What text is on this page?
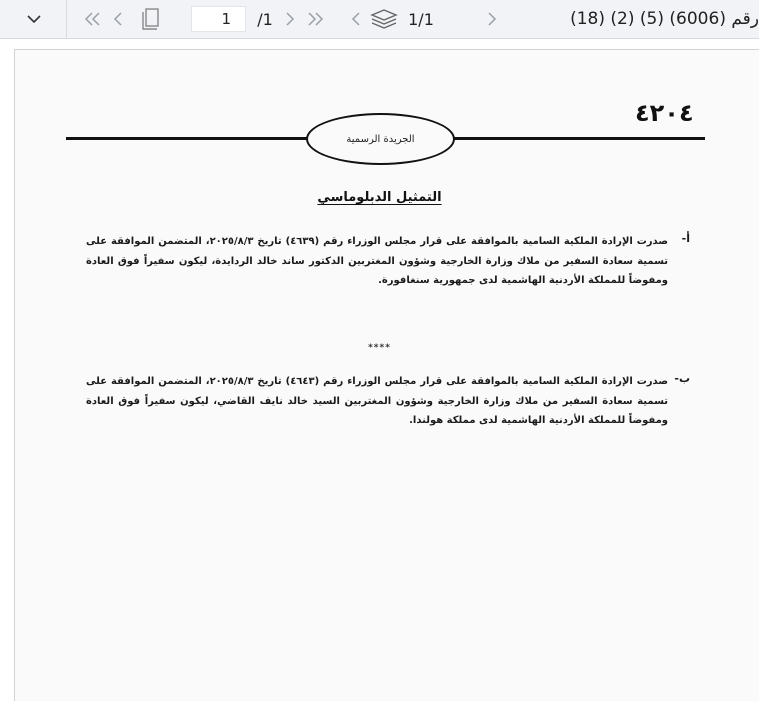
1
/1	1/1	رقم (6006) (5) (2) (18)
الجريدة الرسمية
٤٢٠٤
التمثيل الدبلوماسي
أ-
صدرت الإرادة الملكية السامية بالموافقة على قرار مجلس الوزراء رقم (٤٦٣٩) تاريخ ٢٠٢٥/٨/٣، المتضمن الموافقة على تسمية سعادة السفير من ملاك وزارة الخارجية وشؤون المغتربين الدكتور ساند خالد الردايدة، ليكون سفيراً فوق العادة ومفوضاً للمملكة الأردنية الهاشمية لدى جمهورية سنغافورة.
****
ب-
صدرت الإرادة الملكية السامية بالموافقة على قرار مجلس الوزراء رقم (٤٦٤٣) تاريخ ٢٠٢٥/٨/٣، المتضمن الموافقة على تسمية سعادة السفير من ملاك وزارة الخارجية وشؤون المغتربين السيد خالد نايف القاضي، ليكون سفيراً فوق العادة ومفوضاً للمملكة الأردنية الهاشمية لدى مملكة هولندا.
